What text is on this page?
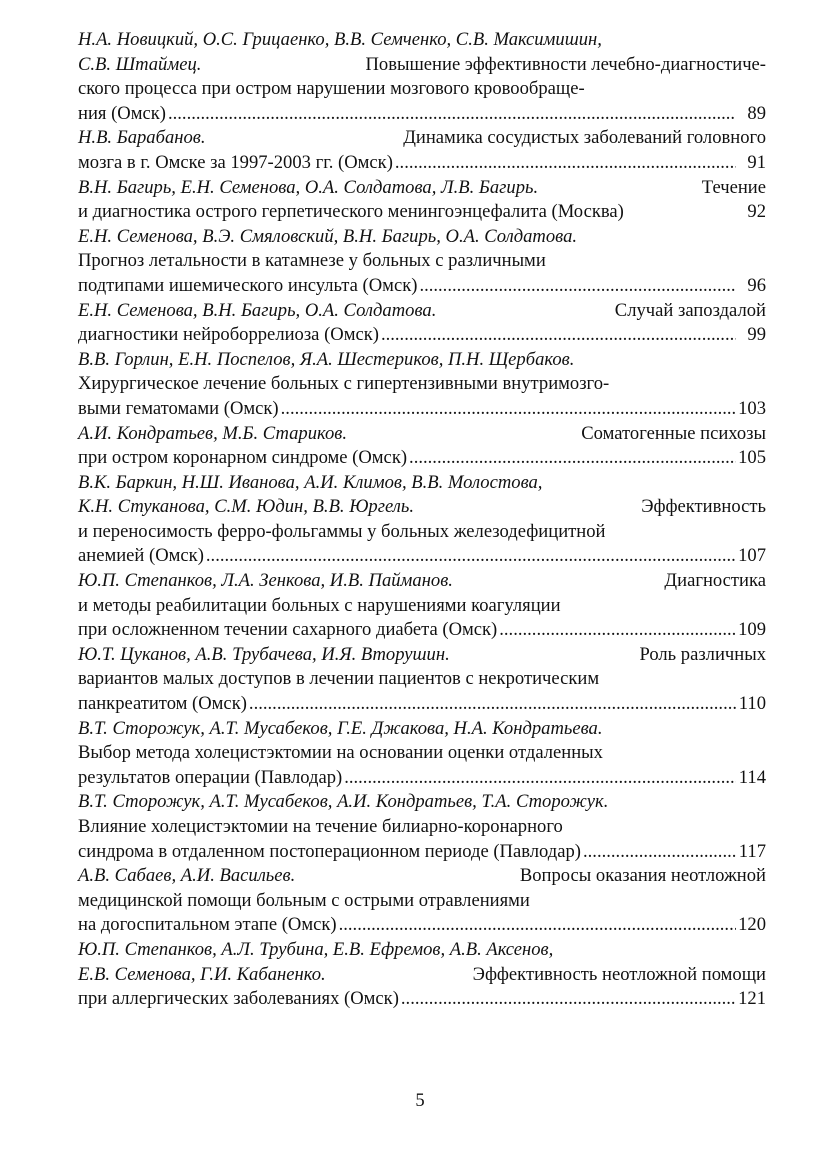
Н.А. Новицкий, О.С. Грицаенко, В.В. Семченко, С.В. Максимишин,
С.В. Штаймец.	Повышение эффективности лечебно-диагностиче-
ского процесса при остром нарушении мозгового кровообраще-
ния (Омск) .....	89
Н.В. Барабанов.	Динамика сосудистых заболеваний головного
мозга в г. Омске за 1997-2003 гг. (Омск) .....	91
В.Н. Багирь, Е.Н. Семенова, О.А. Солдатова, Л.В. Багирь.	Течение
и диагностика острого герпетического менингоэнцефалита (Москва)	92
Е.Н. Семенова, В.Э. Смяловский, В.Н. Багирь, О.А. Солдатова.
Прогноз летальности в катамнезе у больных с различными
подтипами ишемического инсульта (Омск) .....	96
Е.Н. Семенова, В.Н. Багирь, О.А. Солдатова.	Случай запоздалой
диагностики нейроборрелиоза (Омск) .....	99
В.В. Горлин, Е.Н. Поспелов, Я.А. Шестериков, П.Н. Щербаков.
Хирургическое лечение больных с гипертензивными внутримозго-
выми гематомами (Омск) .....	103
А.И. Кондратьев, М.Б. Стариков.	Соматогенные психозы
при остром коронарном синдроме (Омск) .....	105
В.К. Баркин, Н.Ш. Иванова, А.И. Климов, В.В. Молостова,
К.Н. Стуканова, С.М. Юдин, В.В. Юргель.	Эффективность
и переносимость ферро-фольгаммы у больных железодефицитной
анемией (Омск) .....	107
Ю.П. Степанков, Л.А. Зенкова, И.В. Пайманов.	Диагностика
и методы реабилитации больных с нарушениями коагуляции
при осложненном течении сахарного диабета (Омск) .....	109
Ю.Т. Цуканов, А.В. Трубачева, И.Я. Вторушин.	Роль различных
вариантов малых доступов в лечении пациентов с некротическим
панкреатитом (Омск) .....	110
В.Т. Сторожук, А.Т. Мусабеков, Г.Е. Джакова, Н.А. Кондратьева.
Выбор метода холецистэктомии на основании оценки отдаленных
результатов операции (Павлодар) .....	114
В.Т. Сторожук, А.Т. Мусабеков, А.И. Кондратьев, Т.А. Сторожук.
Влияние холецистэктомии на течение билиарно-коронарного
синдрома в отдаленном постоперационном периоде (Павлодар) .....	117
А.В. Сабаев, А.И. Васильев.	Вопросы оказания неотложной
медицинской помощи больным с острыми отравлениями
на догоспитальном этапе (Омск) .....	120
Ю.П. Степанков, А.Л. Трубина, Е.В. Ефремов, А.В. Аксенов,
Е.В. Семенова, Г.И. Кабаненко.	Эффективность неотложной помощи
при аллергических заболеваниях (Омск) .....	121
5
